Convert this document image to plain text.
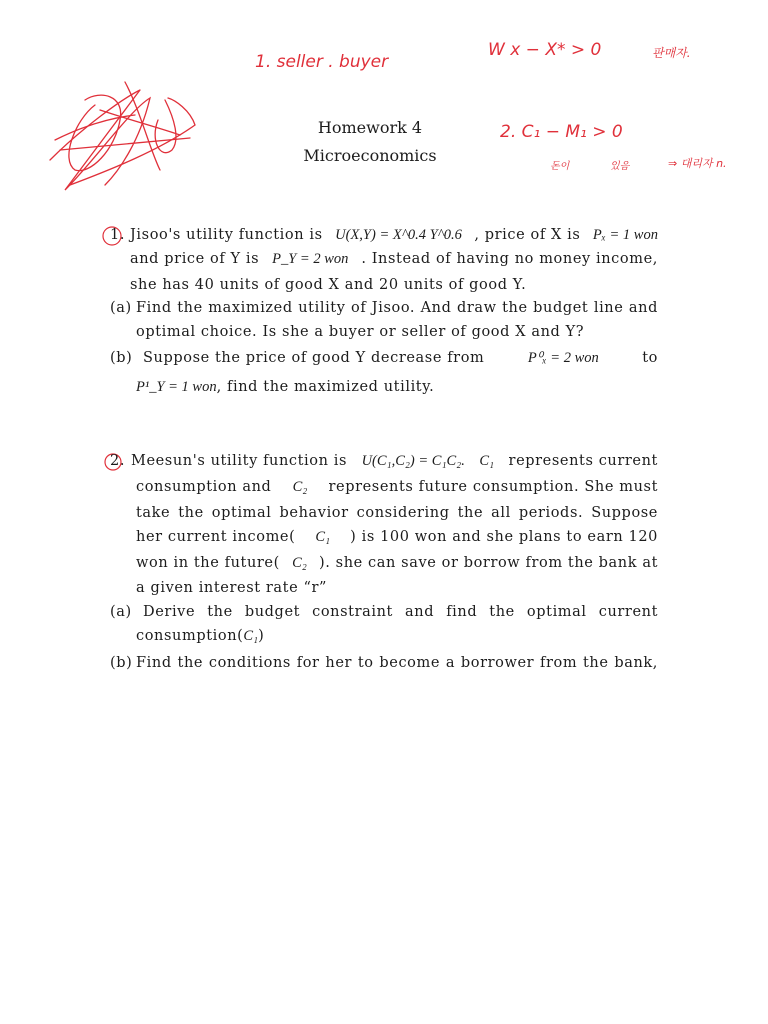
1. seller . buyer
W x − X* > 0	판매자.
2. C₁ − M₁ > 0
돈이	있음	⇒ 대리자 n.
Homework 4
Microeconomics
1. Jisoo's utility function is U(X,Y) = X^0.4 Y^0.6 , price of X is Pₓ = 1 won
and price of Y is P_Y = 2 won . Instead of having no money income,
she has 40 units of good X and 20 units of good Y.
(a) Find the maximized utility of Jisoo. And draw the budget line and
optimal choice. Is she a buyer or seller of good X and Y?
(b) Suppose the price of good Y decrease from	P⁰ₓ = 2 won	to
P¹_Y = 1 won, find the maximized utility.
2. Meesun's utility function is U(C₁,C₂) = C₁C₂. C₁ represents current
consumption and C₂ represents future consumption. She must
take the optimal behavior considering the all periods. Suppose
her current income( C₁ ) is 100 won and she plans to earn 120
won in the future( C₂ ). she can save or borrow from the bank at
a given interest rate “r”
(a) Derive the budget constraint and find the optimal current
consumption(C₁)
(b) Find the conditions for her to become a borrower from the bank,
